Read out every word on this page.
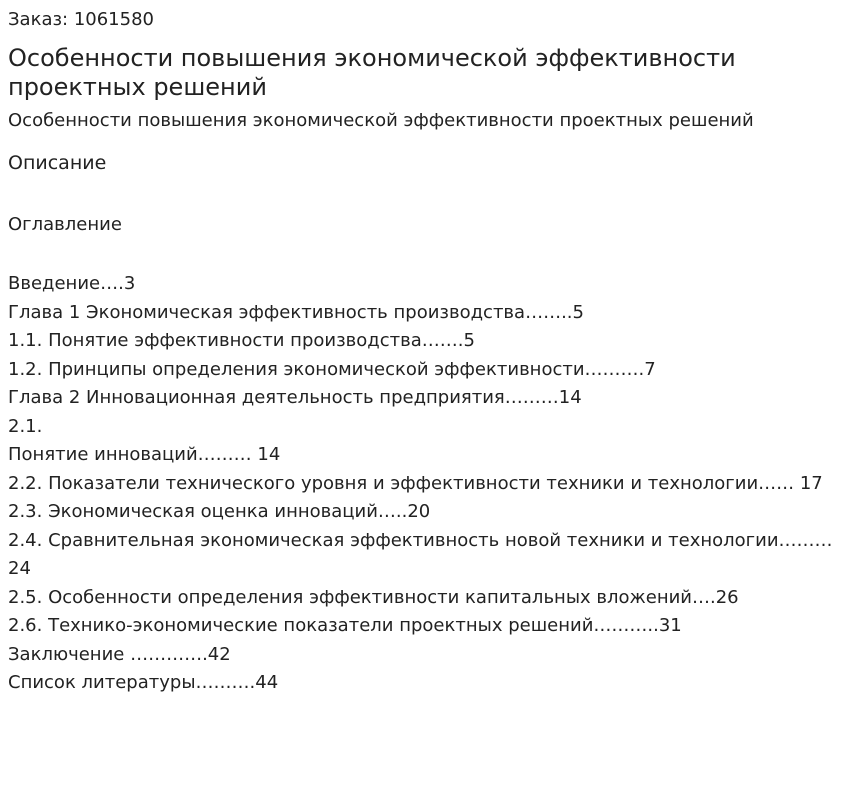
Заказ: 1061580

Особенности повышения экономической эффективности проектных решений

Особенности повышения экономической эффективности проектных решений

Описание

Оглавление

Введение….3
Глава 1 Экономическая эффективность производства……..5
1.1. Понятие эффективности производства…….5
1.2. Принципы определения экономической эффективности……….7
Глава 2 Инновационная деятельность предприятия………14
2.1.
Понятие инноваций……… 14
2.2. Показатели технического уровня и эффективности техники и технологии…… 17
2.3. Экономическая оценка инноваций…..20
2.4. Сравнительная экономическая эффективность новой техники и технологии………24
2.5. Особенности определения эффективности капитальных вложений….26
2.6. Технико-экономические показатели проектных решений………..31
Заключение ………….42
Список литературы……….44
